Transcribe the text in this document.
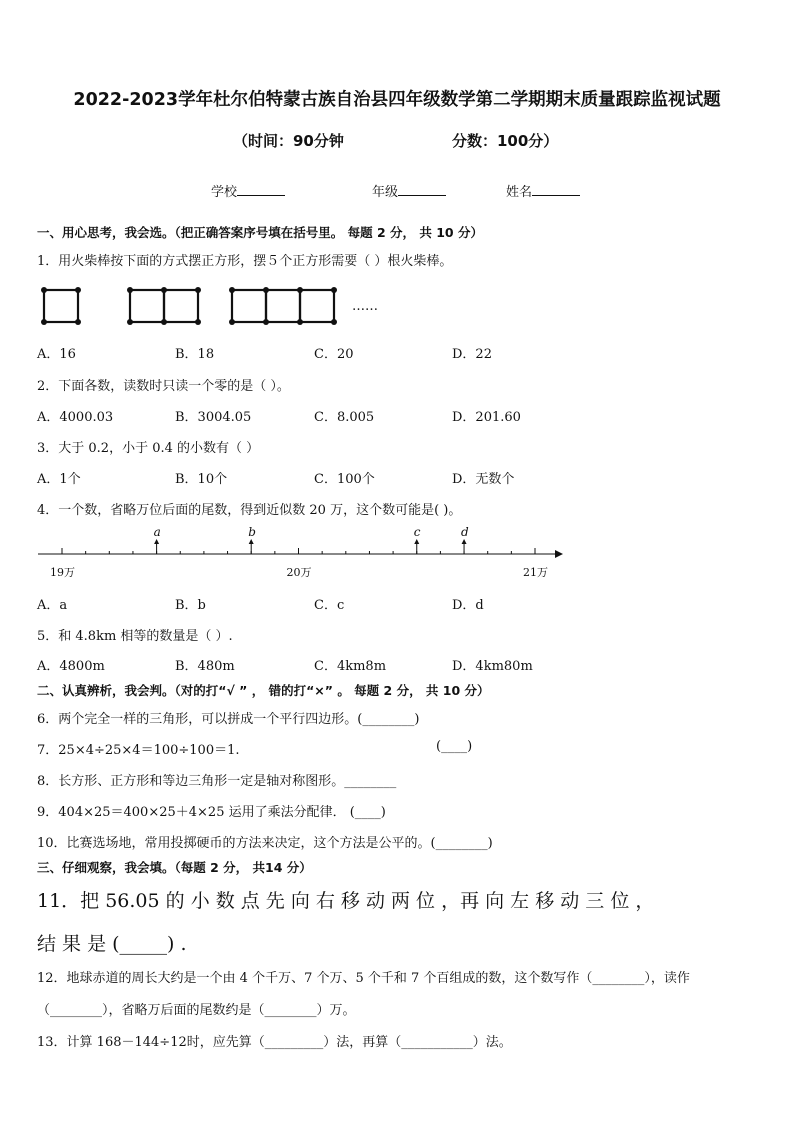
2022-2023学年杜尔伯特蒙古族自治县四年级数学第二学期期末质量跟踪监视试题
（时间：90分钟	分数：100分）
学校	年级	姓名
一、用心思考，我会选。（把正确答案序号填在括号里。 每题 2 分， 共 10 分）
1．用火柴棒按下面的方式摆正方形，摆５个正方形需要（ ）根火柴棒。
……
A．16	B．18	C．20	D．22
2．下面各数，读数时只读一个零的是（ ）。
A．4000.03	B．3004.05	C．8.005	D．201.60
3．大于 0.2，小于 0.4 的小数有（ ）
A．1个	B．10个	C．100个	D．无数个
4．一个数，省略万位后面的尾数，得到近似数 20 万，这个数可能是( )。
19万	20万	21万
a	b	c	d
A．a	B．b	C．c	D．d
5．和 4.8km 相等的数量是（ ）.
A．4800m	B．480m	C．4km8m	D．4km80m
二、认真辨析，我会判。（对的打“√ ” ， 错的打“×” 。 每题 2 分， 共 10 分）
6．两个完全一样的三角形，可以拼成一个平行四边形。(________)
7．25×4÷25×4＝100÷100＝1.	(____)
8．长方形、正方形和等边三角形一定是轴对称图形。________
9．404×25＝400×25＋4×25 运用了乘法分配律． (____)
10．比赛选场地，常用投掷硬币的方法来决定，这个方法是公平的。(________)
三、仔细观察，我会填。（每题 2 分， 共14 分）
11．把 56.05 的 小 数 点 先 向 右 移 动 两 位 ，再 向 左 移 动 三 位 ，
结 果 是 (_____) .
12．地球赤道的周长大约是一个由 4 个千万、7 个万、5 个千和 7 个百组成的数，这个数写作（________），读作
（________），省略万后面的尾数约是（________）万。
13．计算 168－144÷12时，应先算（_________）法，再算（___________）法。
